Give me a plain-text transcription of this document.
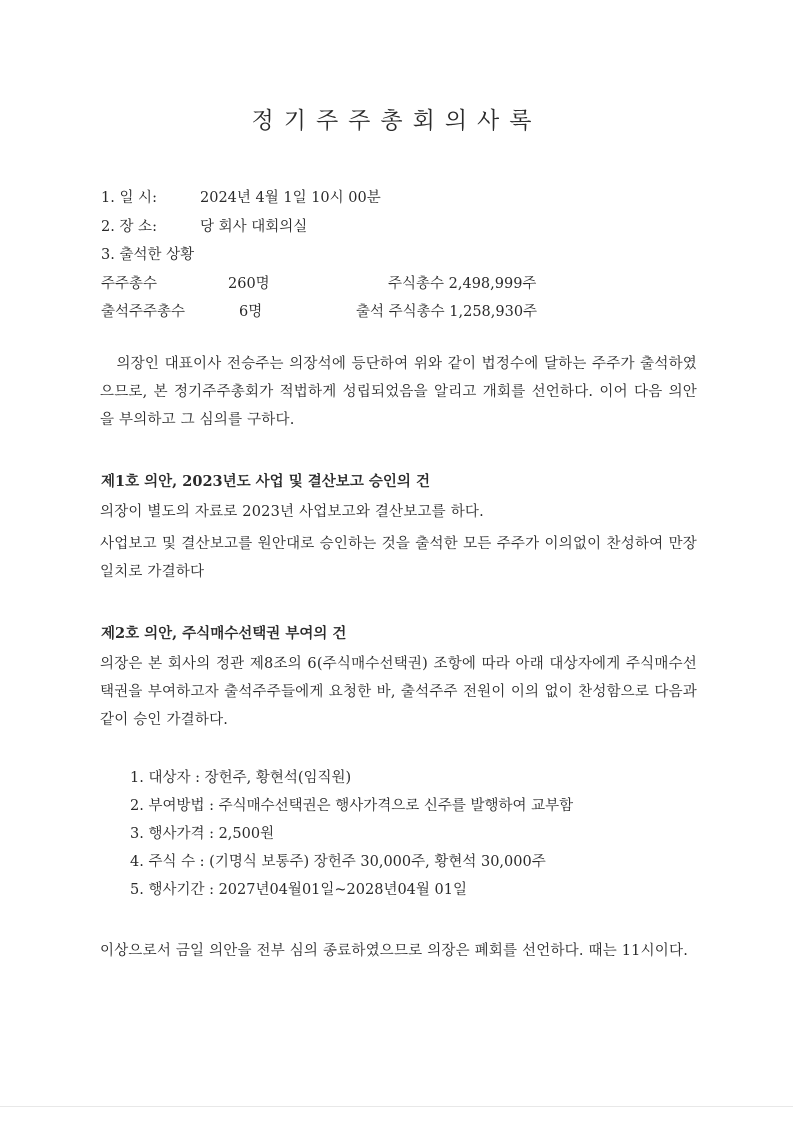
정기주주총회의사록
1. 일 시:	2024년 4월 1일 10시 00분
2. 장 소:	당 회사 대회의실
3. 출석한 상황
주주총수	260명	주식총수 2,498,999주
출석주주총수	6명	출석 주식총수 1,258,930주
의장인 대표이사 전승주는 의장석에 등단하여 위와 같이 법정수에 달하는 주주가 출석하였으므로, 본 정기주주총회가 적법하게 성립되었음을 알리고 개회를 선언하다. 이어 다음 의안을 부의하고 그 심의를 구하다.
제1호 의안, 2023년도 사업 및 결산보고 승인의 건
의장이 별도의 자료로 2023년 사업보고와 결산보고를 하다.
사업보고 및 결산보고를 원안대로 승인하는 것을 출석한 모든 주주가 이의없이 찬성하여 만장일치로 가결하다
제2호 의안, 주식매수선택권 부여의 건
의장은 본 회사의 정관 제8조의 6(주식매수선택권) 조항에 따라 아래 대상자에게 주식매수선택권을 부여하고자 출석주주들에게 요청한 바, 출석주주 전원이 이의 없이 찬성함으로 다음과 같이 승인 가결하다.
1. 대상자 : 장헌주, 황현석(임직원)
2. 부여방법 : 주식매수선택권은 행사가격으로 신주를 발행하여 교부함
3. 행사가격 : 2,500원
4. 주식 수 : (기명식 보통주) 장헌주 30,000주, 황현석 30,000주
5. 행사기간 : 2027년04월01일~2028년04월 01일
이상으로서 금일 의안을 전부 심의 종료하였으므로 의장은 폐회를 선언하다. 때는 11시이다.
